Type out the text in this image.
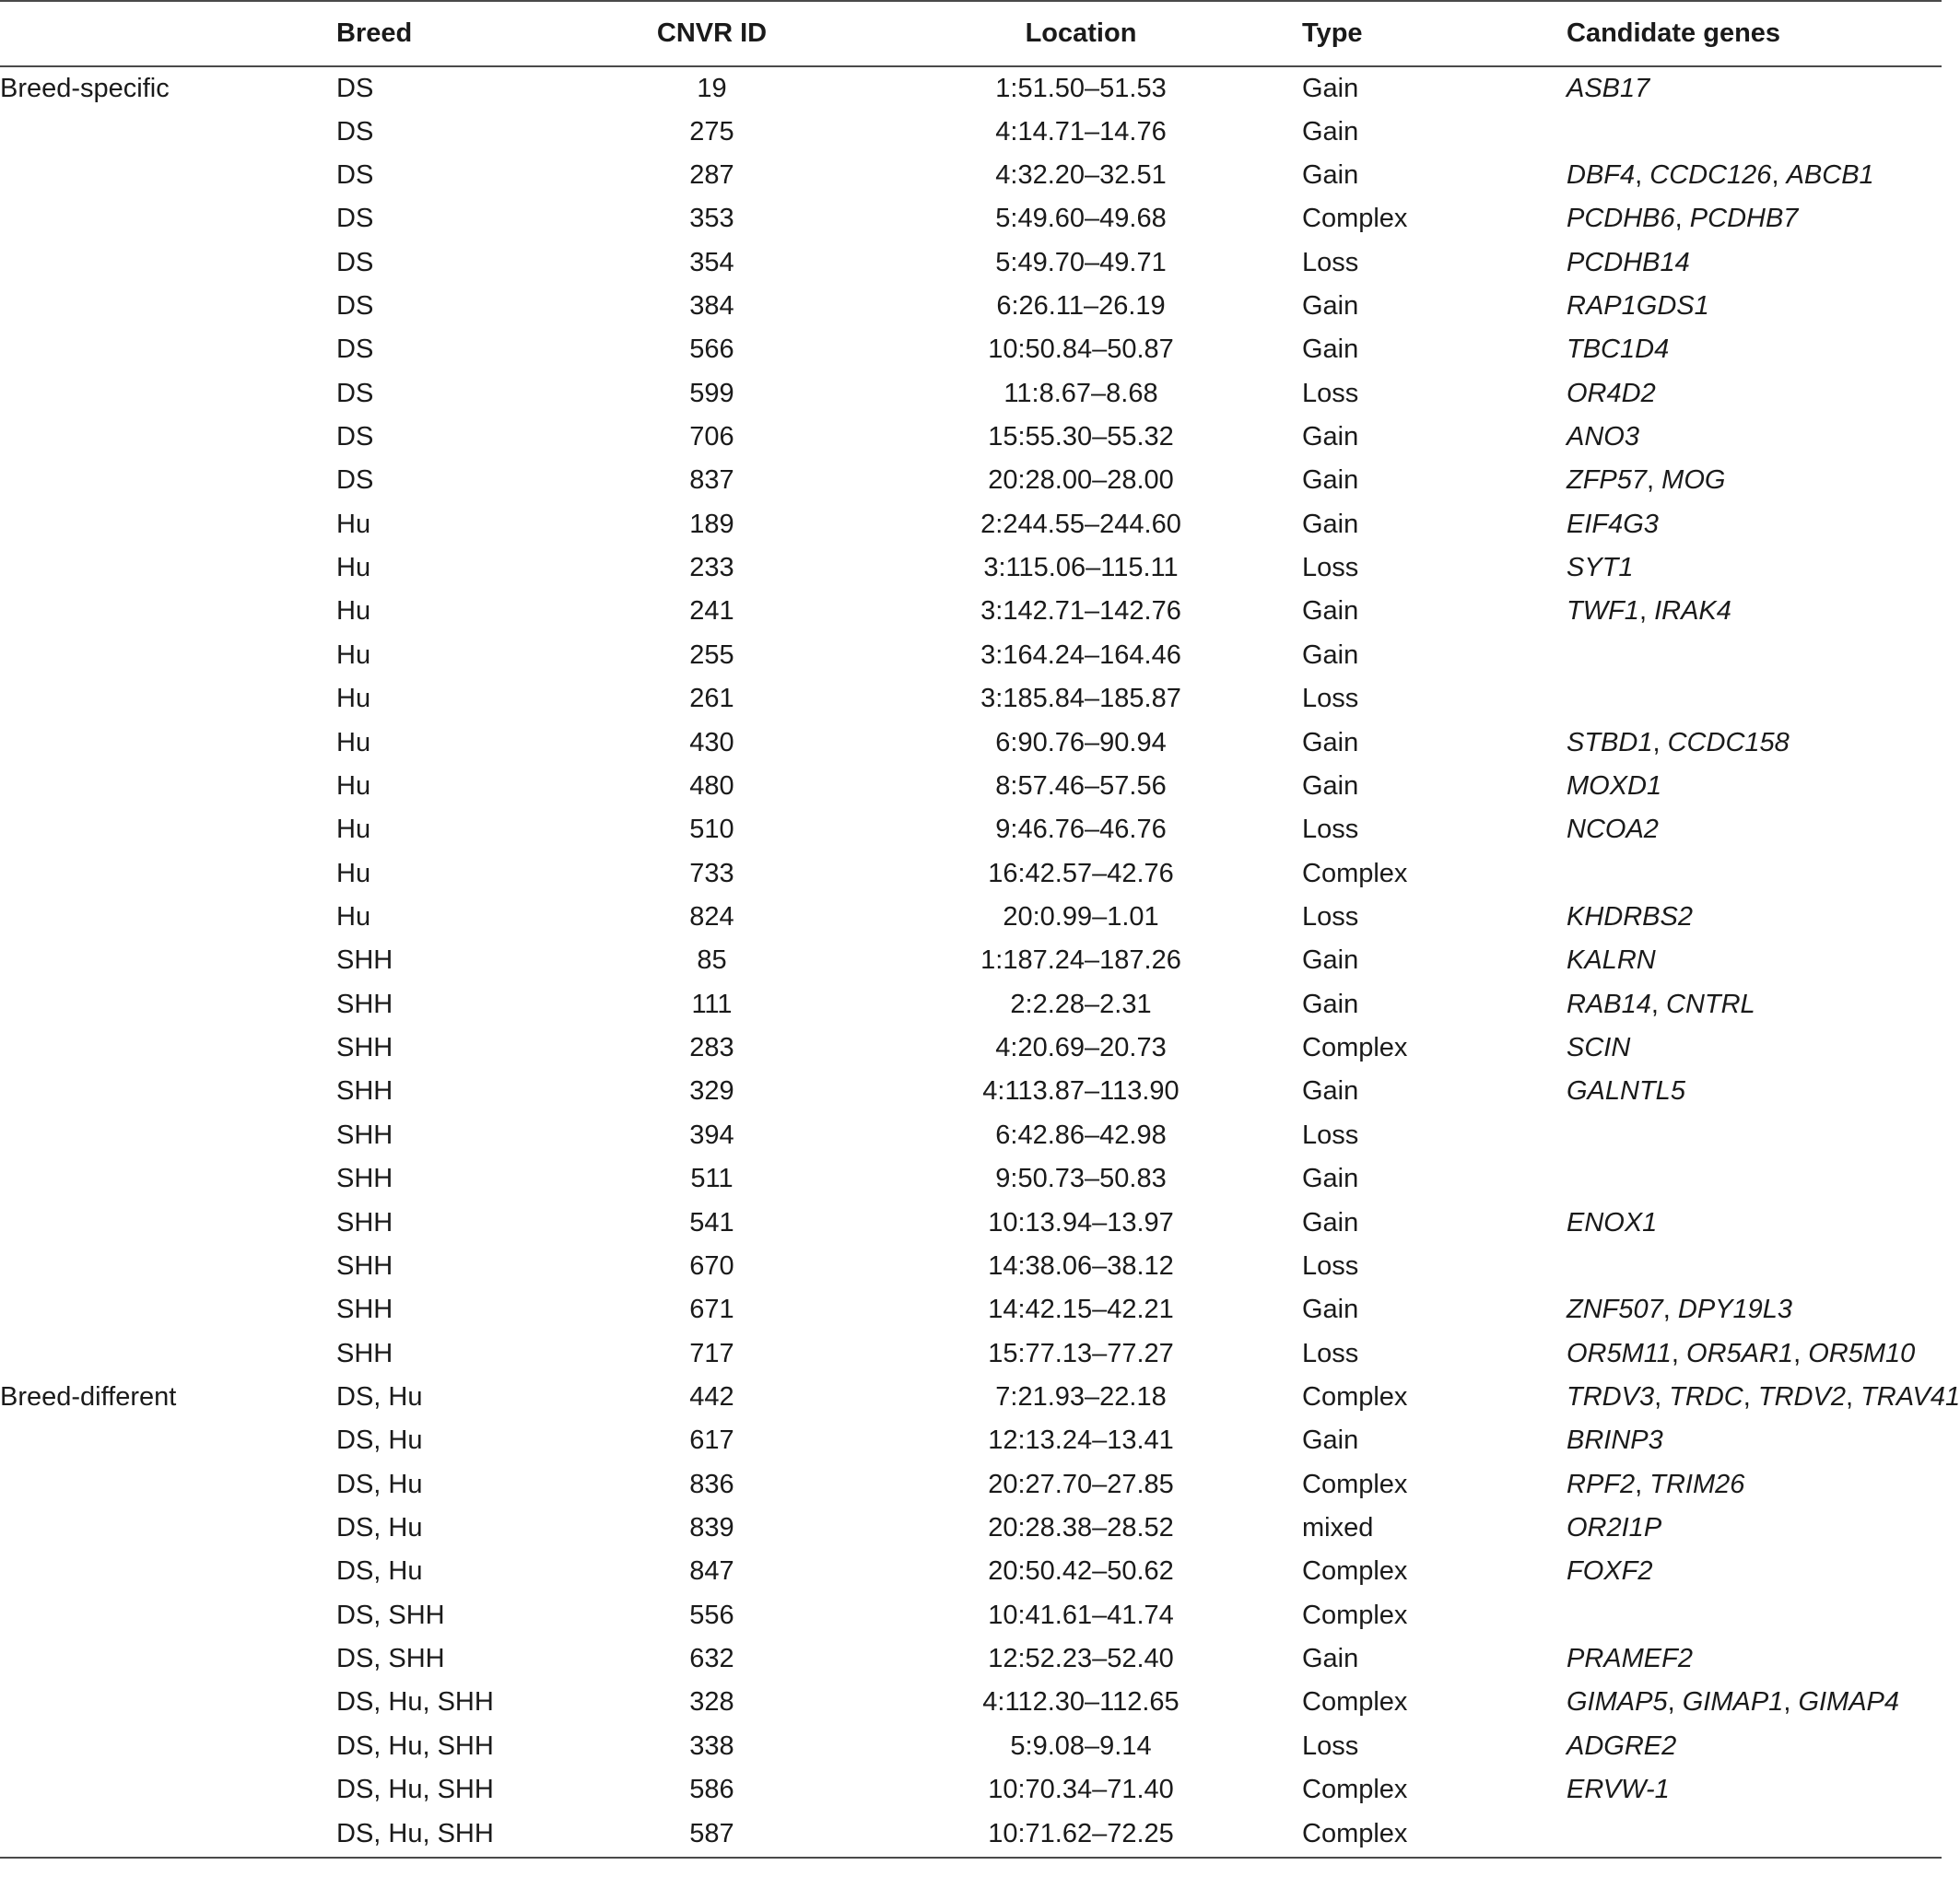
	Breed	CNVR ID	Location	Type	Candidate genes
Breed-specific	DS	19	1:51.50–51.53	Gain	ASB17
	DS	275	4:14.71–14.76	Gain	
	DS	287	4:32.20–32.51	Gain	DBF4, CCDC126, ABCB1
	DS	353	5:49.60–49.68	Complex	PCDHB6, PCDHB7
	DS	354	5:49.70–49.71	Loss	PCDHB14
	DS	384	6:26.11–26.19	Gain	RAP1GDS1
	DS	566	10:50.84–50.87	Gain	TBC1D4
	DS	599	11:8.67–8.68	Loss	OR4D2
	DS	706	15:55.30–55.32	Gain	ANO3
	DS	837	20:28.00–28.00	Gain	ZFP57, MOG
	Hu	189	2:244.55–244.60	Gain	EIF4G3
	Hu	233	3:115.06–115.11	Loss	SYT1
	Hu	241	3:142.71–142.76	Gain	TWF1, IRAK4
	Hu	255	3:164.24–164.46	Gain	
	Hu	261	3:185.84–185.87	Loss	
	Hu	430	6:90.76–90.94	Gain	STBD1, CCDC158
	Hu	480	8:57.46–57.56	Gain	MOXD1
	Hu	510	9:46.76–46.76	Loss	NCOA2
	Hu	733	16:42.57–42.76	Complex	
	Hu	824	20:0.99–1.01	Loss	KHDRBS2
	SHH	85	1:187.24–187.26	Gain	KALRN
	SHH	111	2:2.28–2.31	Gain	RAB14, CNTRL
	SHH	283	4:20.69–20.73	Complex	SCIN
	SHH	329	4:113.87–113.90	Gain	GALNTL5
	SHH	394	6:42.86–42.98	Loss	
	SHH	511	9:50.73–50.83	Gain	
	SHH	541	10:13.94–13.97	Gain	ENOX1
	SHH	670	14:38.06–38.12	Loss	
	SHH	671	14:42.15–42.21	Gain	ZNF507, DPY19L3
	SHH	717	15:77.13–77.27	Loss	OR5M11, OR5AR1, OR5M10
Breed-different	DS, Hu	442	7:21.93–22.18	Complex	TRDV3, TRDC, TRDV2, TRAV41
	DS, Hu	617	12:13.24–13.41	Gain	BRINP3
	DS, Hu	836	20:27.70–27.85	Complex	RPF2, TRIM26
	DS, Hu	839	20:28.38–28.52	mixed	OR2I1P
	DS, Hu	847	20:50.42–50.62	Complex	FOXF2
	DS, SHH	556	10:41.61–41.74	Complex	
	DS, SHH	632	12:52.23–52.40	Gain	PRAMEF2
	DS, Hu, SHH	328	4:112.30–112.65	Complex	GIMAP5, GIMAP1, GIMAP4
	DS, Hu, SHH	338	5:9.08–9.14	Loss	ADGRE2
	DS, Hu, SHH	586	10:70.34–71.40	Complex	ERVW-1
	DS, Hu, SHH	587	10:71.62–72.25	Complex	
